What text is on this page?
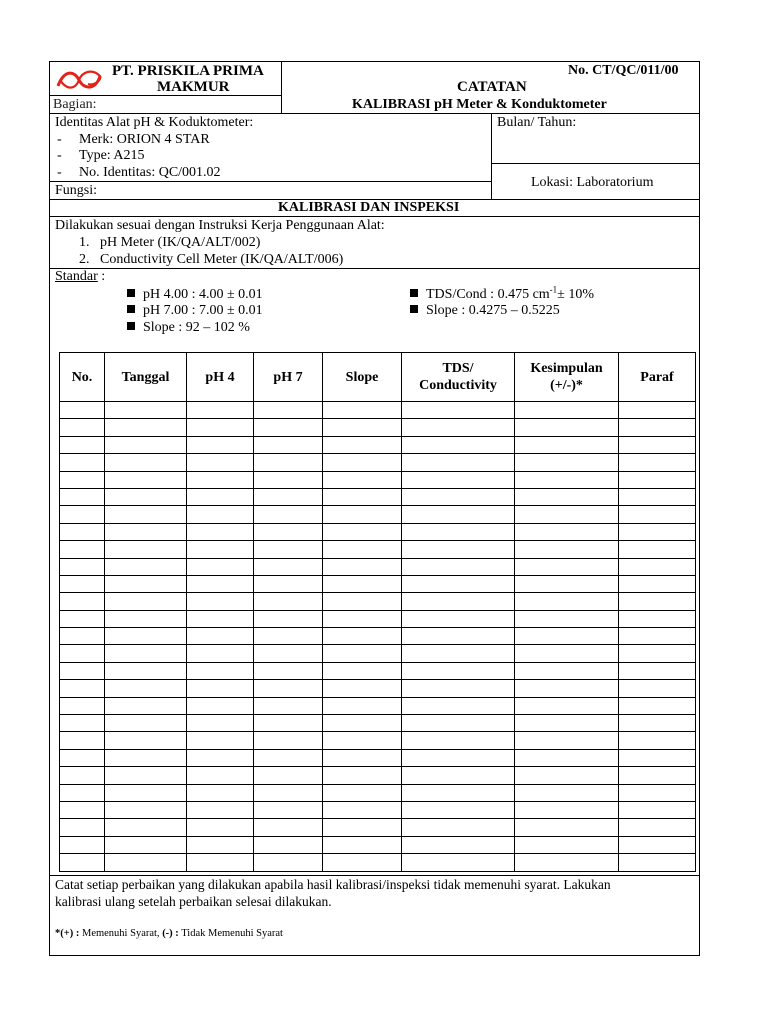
PT. PRISKILA PRIMA
MAKMUR
Bagian:
No. CT/QC/011/00
CATATAN
KALIBRASI pH Meter & Konduktometer
Identitas Alat pH & Koduktometer:
- Merk: ORION 4 STAR
- Type: A215
- No. Identitas: QC/001.02
Fungsi:
Bulan/ Tahun:
Lokasi: Laboratorium
KALIBRASI DAN INSPEKSI
Dilakukan sesuai dengan Instruksi Kerja Penggunaan Alat:
1. pH Meter (IK/QA/ALT/002)
2. Conductivity Cell Meter (IK/QA/ALT/006)
Standar :
pH 4.00 : 4.00 ± 0.01
pH 7.00 : 7.00 ± 0.01
Slope : 92 – 102 %
TDS/Cond : 0.475 $cm^{-1}\pm 10\%$
Slope : 0.4275 – 0.5225
No.	Tanggal	pH 4	pH 7	Slope	TDS/ Conductivity	Kesimpulan (+/-)*	Paraf

Catat setiap perbaikan yang dilakukan apabila hasil kalibrasi/inspeksi tidak memenuhi syarat. Lakukan
kalibrasi ulang setelah perbaikan selesai dilakukan.
*(+) : Memenuhi Syarat, (-) : Tidak Memenuhi Syarat
